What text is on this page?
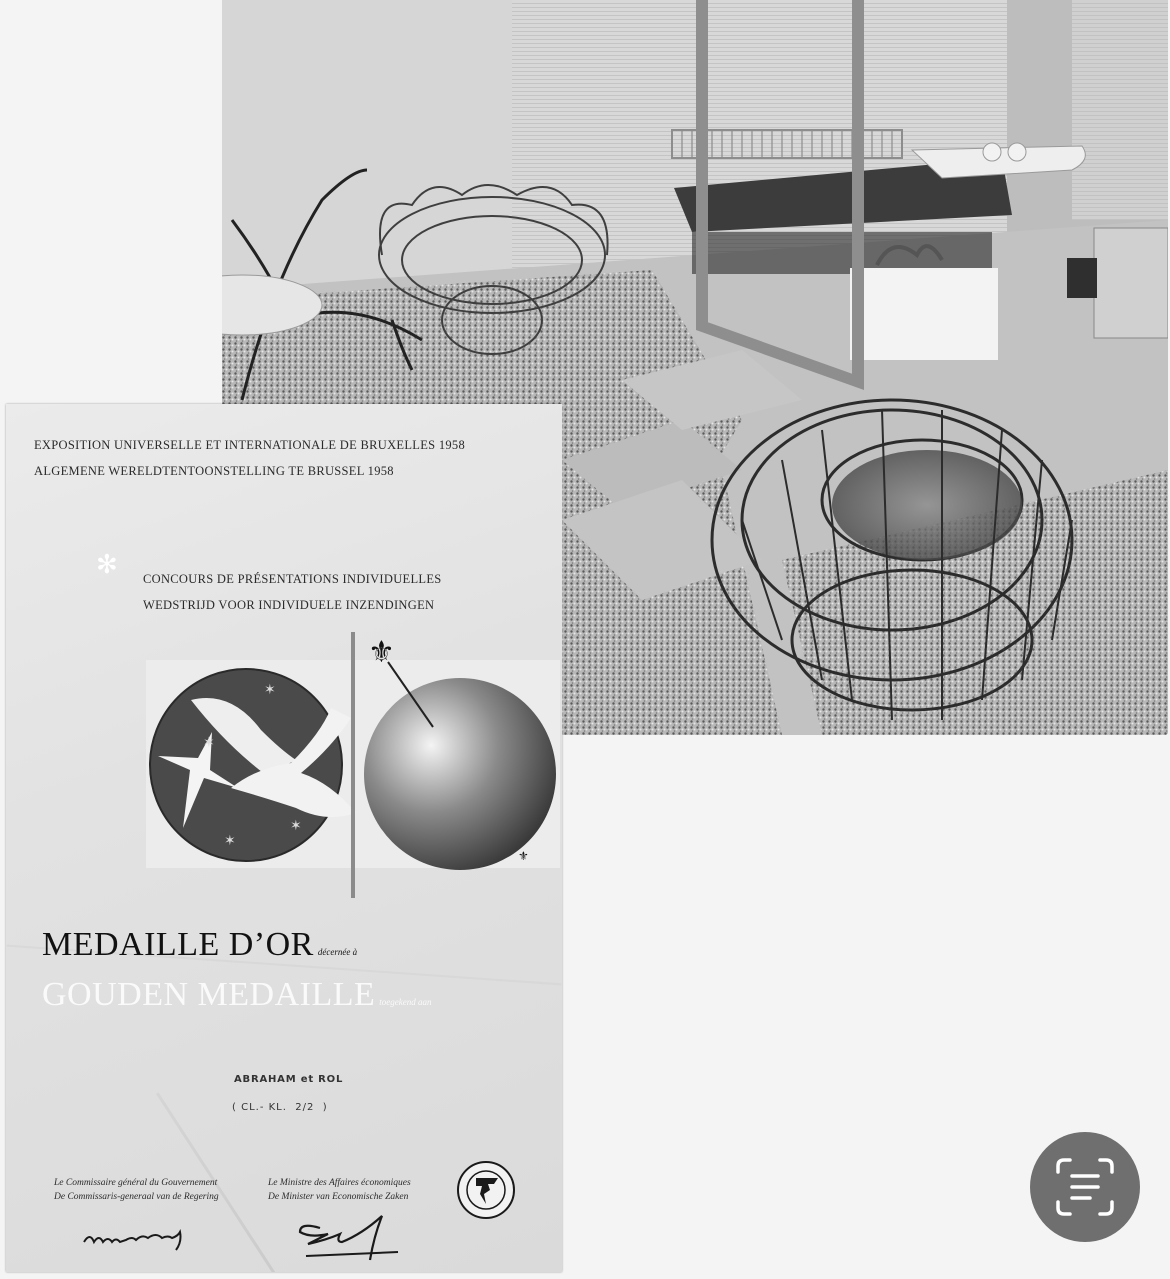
EXPOSITION UNIVERSELLE ET INTERNATIONALE DE BRUXELLES 1958
ALGEMENE WERELDTENTOONSTELLING TE BRUSSEL 1958
✻ CONCOURS DE PRÉSENTATIONS INDIVIDUELLES
WEDSTRIJD VOOR INDIVIDUELE INZENDINGEN
✶
✶
✶
✶
⚜
⚜
MEDAILLE D’OR décernée à
GOUDEN MEDAILLE toegekend aan
ABRAHAM et ROL
( CL.- KL.  2/2  )
Le Commissaire général du Gouvernement
De Commissaris-generaal van de Regering
Le Ministre des Affaires économiques
De Minister van Economische Zaken
